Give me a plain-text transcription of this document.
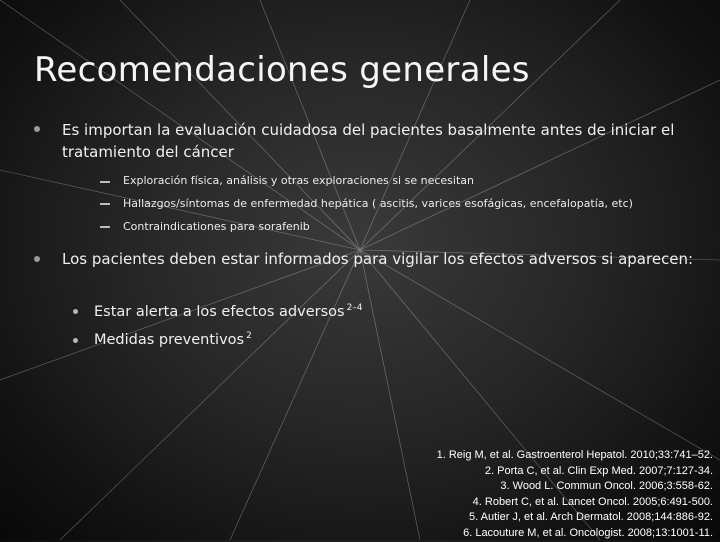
Recomendaciones generales
Es importan la evaluación cuidadosa del pacientes basalmente antes de iniciar el tratamiento del cáncer
Exploración física, análisis y otras exploraciones si se necesitan
Hallazgos/síntomas de enfermedad hepática ( ascitis, varices esofágicas, encefalopatía, etc)
Contraindicationes para sorafenib
Los pacientes deben estar informados para vigilar los efectos adversos si aparecen:
Estar alerta a los efectos adversos $^{2-4}$
Medidas preventivos $^2$
1. Reig M, et al. Gastroenterol Hepatol. 2010;33:741–52.
2. Porta C, et al. Clin Exp Med. 2007;7:127-34.
3. Wood L. Commun Oncol. 2006;3:558-62.
4. Robert C, et al. Lancet Oncol. 2005;6:491-500.
5. Autier J, et al. Arch Dermatol. 2008;144:886-92.
6. Lacouture M, et al. Oncologist. 2008;13:1001-11.
